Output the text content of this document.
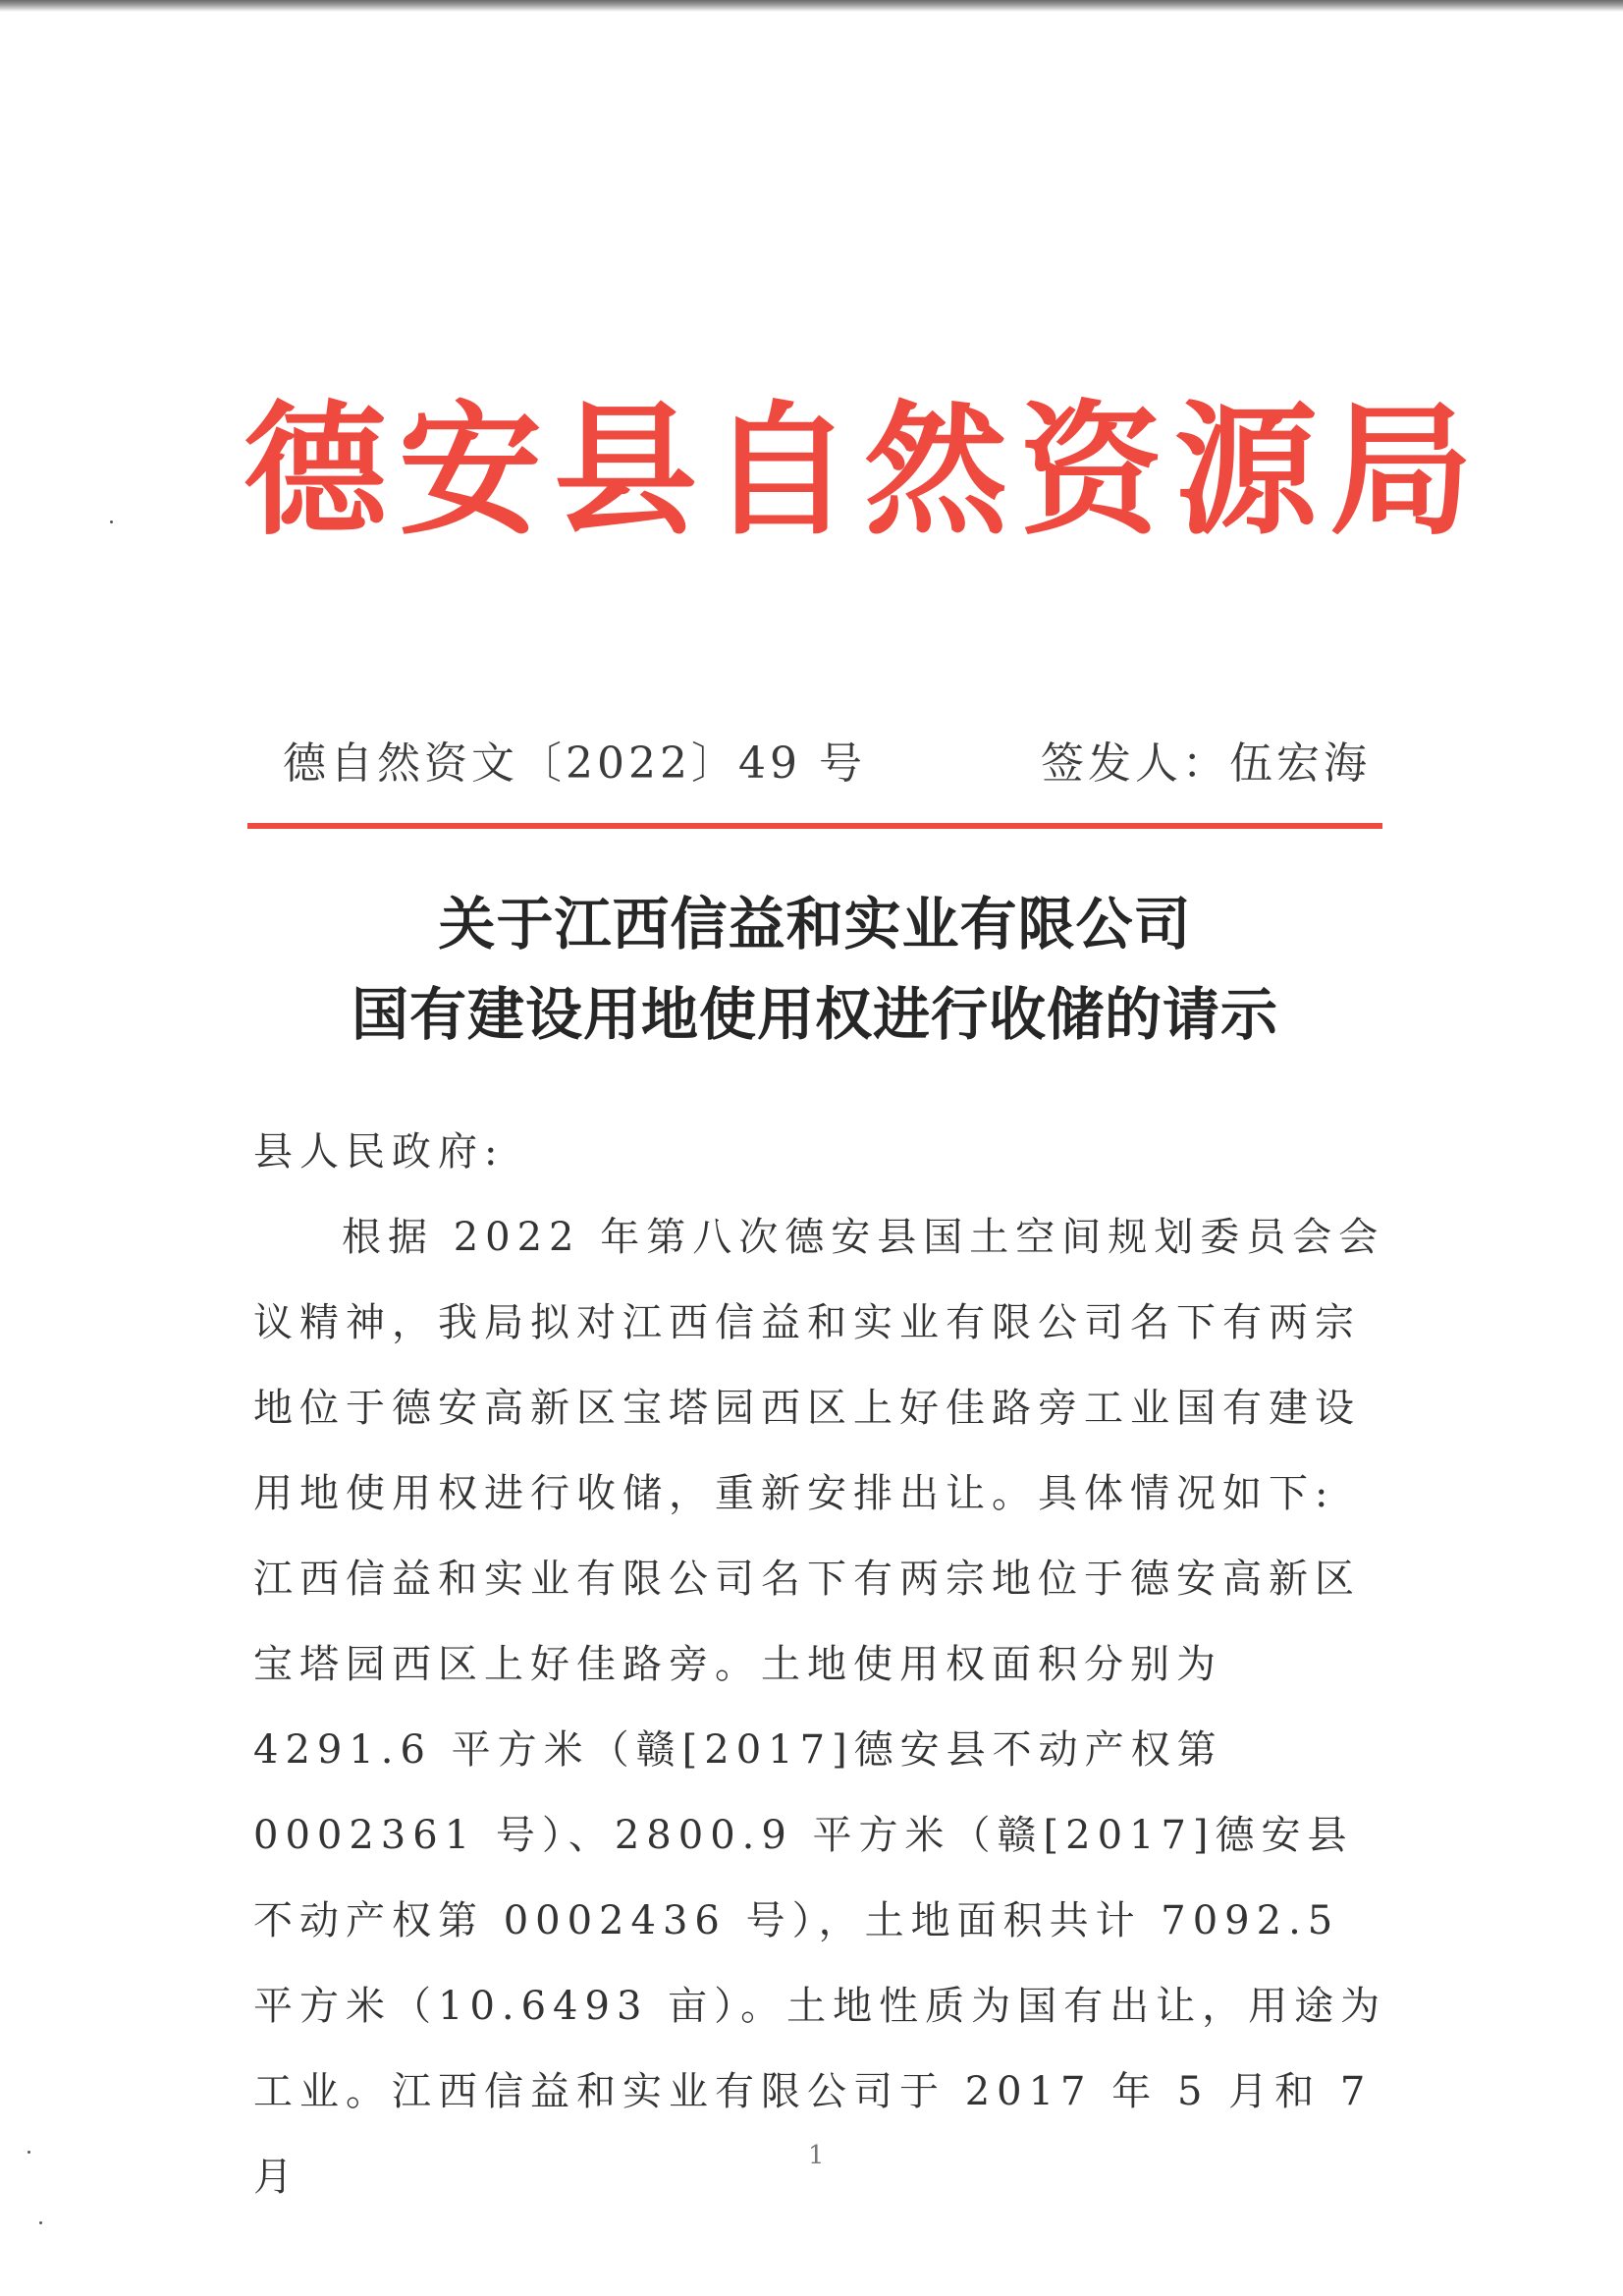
德安县自然资源局
德自然资文〔2022〕49 号	签发人：伍宏海
关于江西信益和实业有限公司
国有建设用地使用权进行收储的请示

县人民政府:

根据 2022 年第八次德安县国土空间规划委员会会议精神，我局拟对江西信益和实业有限公司名下有两宗地位于德安高新区宝塔园西区上好佳路旁工业国有建设用地使用权进行收储，重新安排出让。具体情况如下:

江西信益和实业有限公司名下有两宗地位于德安高新区宝塔园西区上好佳路旁。土地使用权面积分别为 4291.6 平方米（赣[2017]德安县不动产权第 0002361 号）、2800.9 平方米（赣[2017]德安县不动产权第 0002436 号），土地面积共计 7092.5 平方米（10.6493 亩）。土地性质为国有出让，用途为工业。江西信益和实业有限公司于 2017 年 5 月和 7 月	1
